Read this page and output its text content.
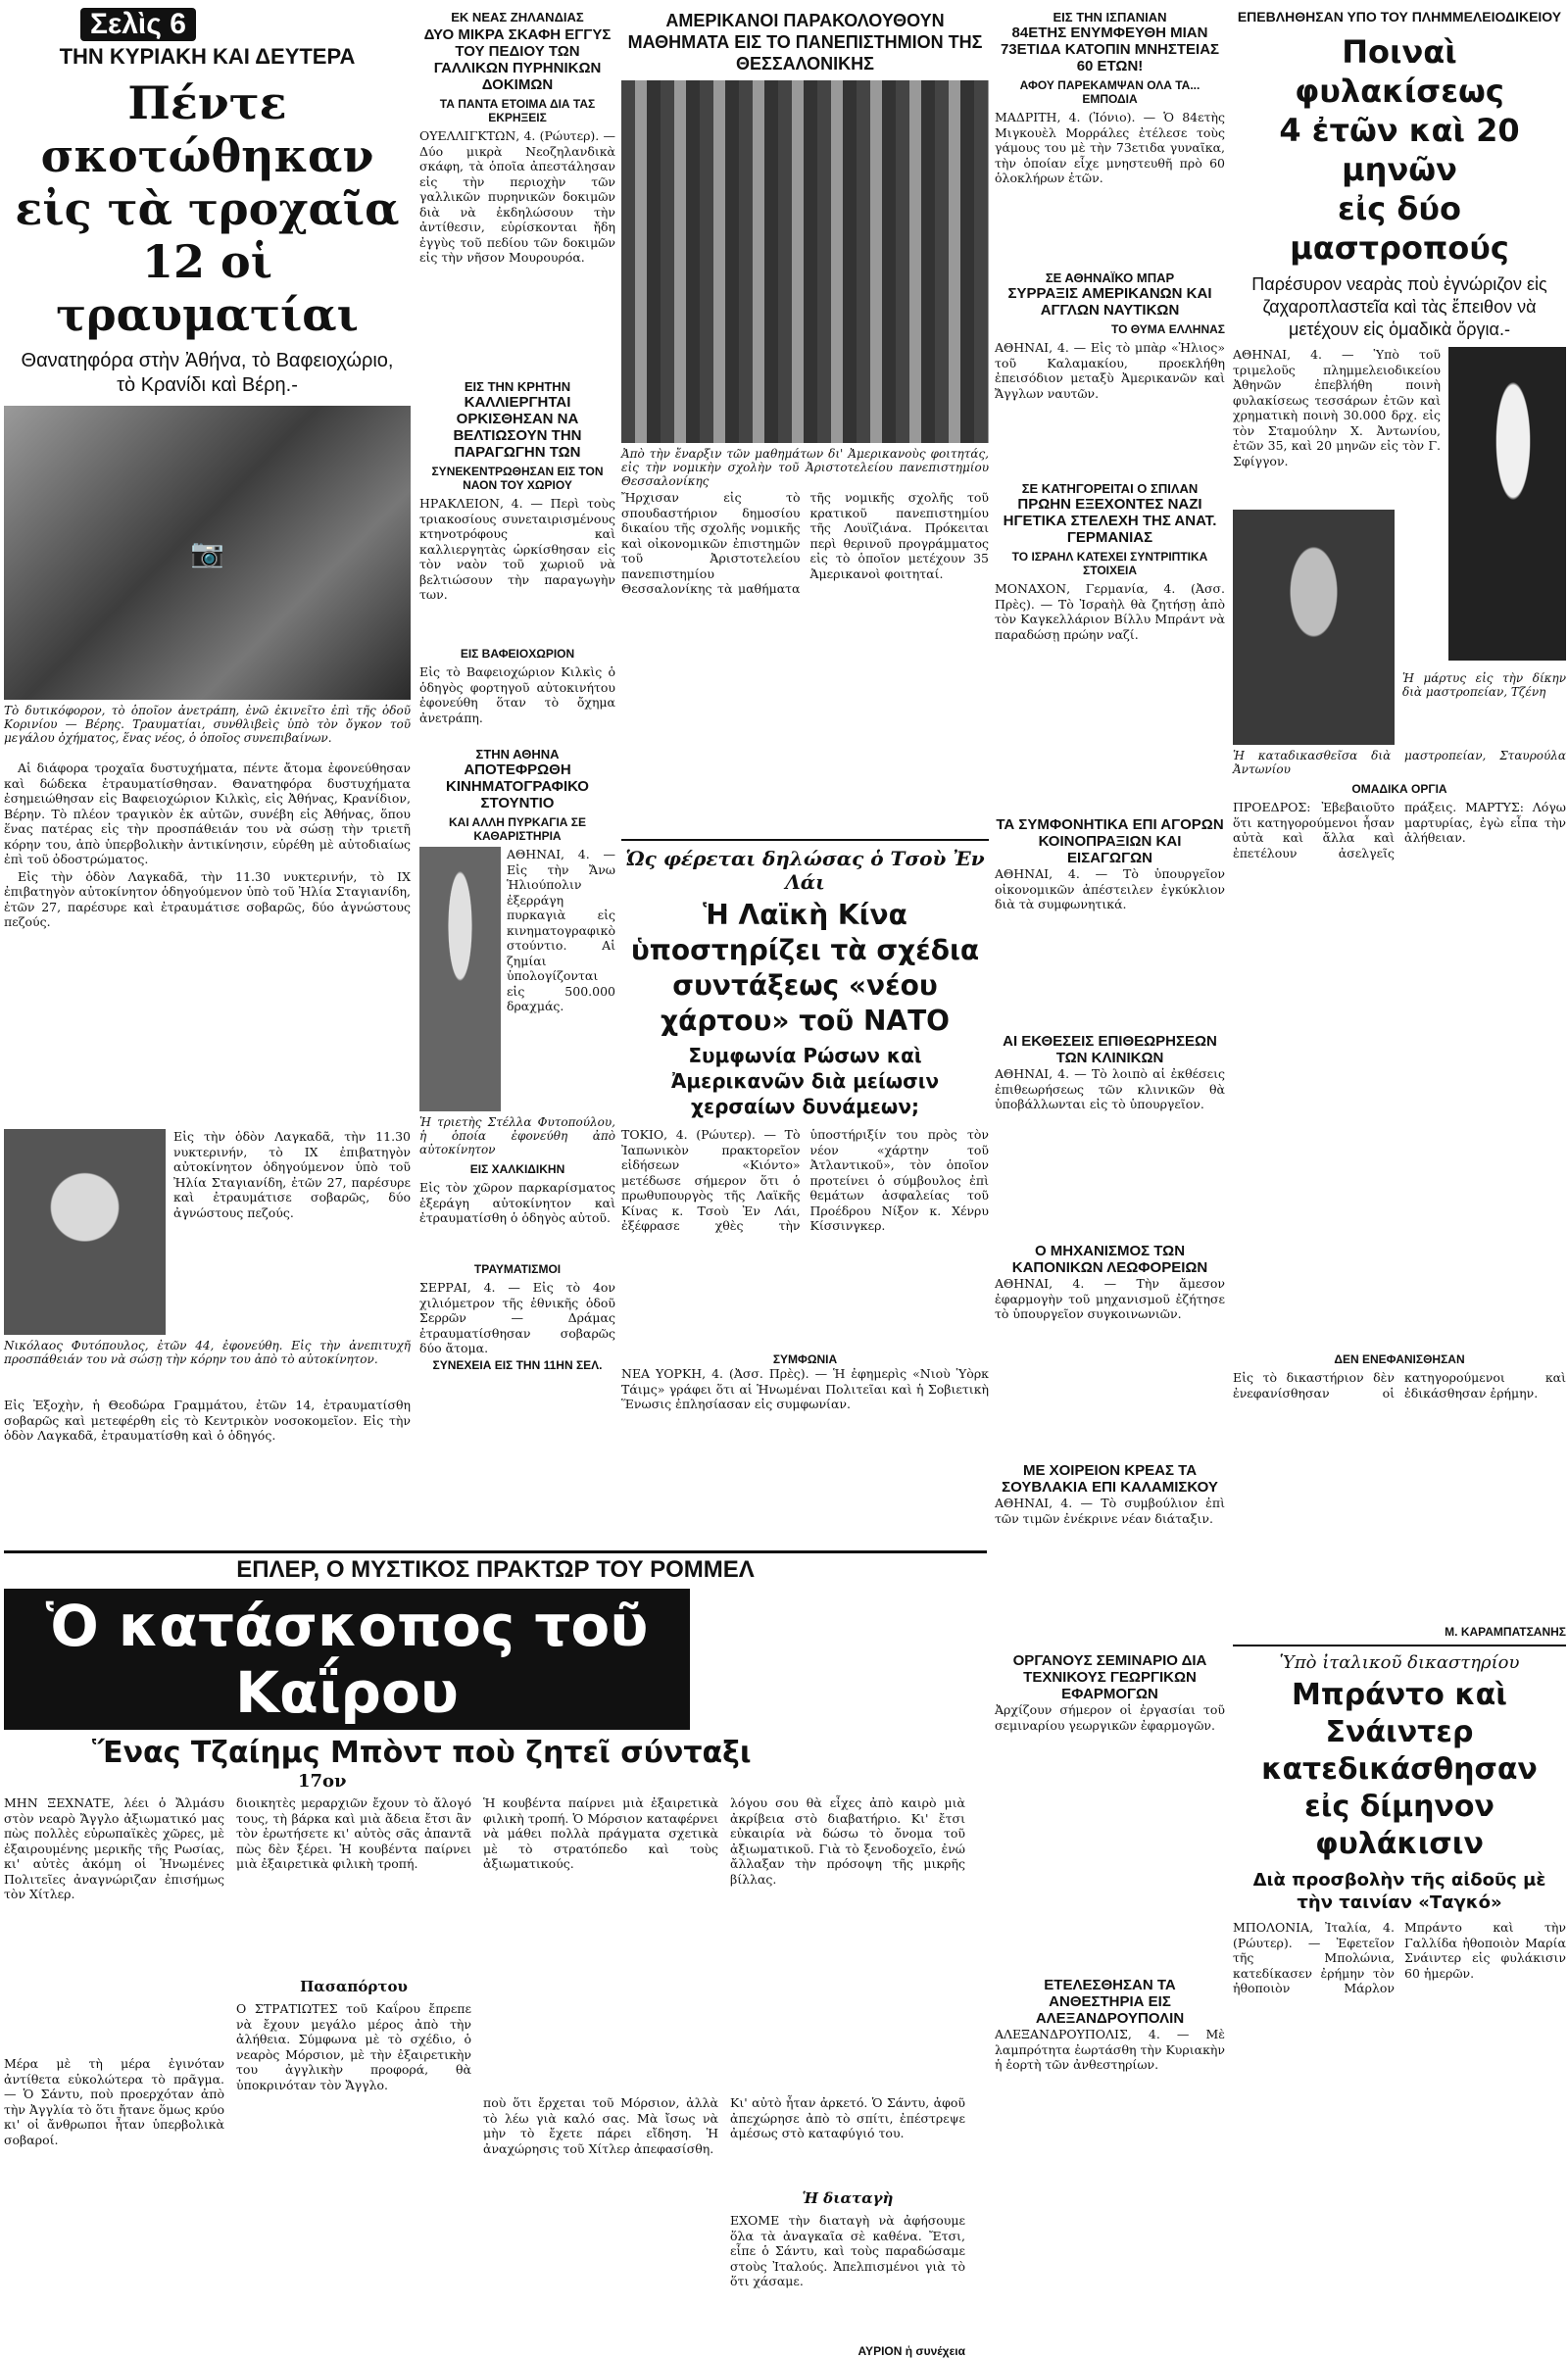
Σελὶς 6
ΤΗΝ ΚΥΡΙΑΚΗ ΚΑΙ ΔΕΥΤΕΡΑ
Πέντε σκοτώθηκαν
εἰς τὰ τροχαῖα
12 οἱ τραυματίαι
Θανατηφόρα στὴν Ἀθήνα, τὸ Βαφειοχώριο, τὸ Κρανίδι καὶ Βέρη.-
📷
Τὸ δυτικόφορον, τὸ ὁποῖον ἀνετράπη, ἐνῶ ἐκινεῖτο ἐπὶ τῆς ὁδοῦ Κορινίου — Βέρης. Τραυματίαι, συνθλιβεὶς ὑπὸ τὸν ὄγκον τοῦ μεγάλου ὀχήματος, ἕνας νέος, ὁ ὁποῖος συνεπιβαίνων.

Αἱ διάφορα τροχαῖα δυστυχήματα, πέντε ἄτομα ἐφονεύθησαν καὶ δώδεκα ἐτραυματίσθησαν. Θανατηφόρα δυστυχήματα ἐσημειώθησαν εἰς Βαφειοχώριον Κιλκὶς, εἰς Ἀθήνας, Κρανίδιον, Βέρην. Τὸ πλέον τραγικὸν ἐκ αὐτῶν, συνέβη εἰς Ἀθήνας, ὅπου ἕνας πατέρας εἰς τὴν προσπάθειάν του νὰ σώσῃ τὴν τριετῆ κόρην του, ἀπὸ ὑπερβολικὴν ἀντικίνησιν, εὑρέθη μὲ αὐτοδιαίως ἐπὶ τοῦ ὀδοστρώματος.

Εἰς τὴν ὁδὸν Λαγκαδᾶ, τὴν 11.30 νυκτερινήν, τὸ ΙΧ ἐπιβατηγὸν αὐτοκίνητον ὁδηγούμενον ὑπὸ τοῦ Ἠλία Σταγιανίδη, ἐτῶν 27, παρέσυρε καὶ ἐτραυμάτισε σοβαρῶς, δύο ἀγνώστους πεζούς.

Εἰς τὴν ὁδὸν Λαγκαδᾶ, τὴν 11.30 νυκτερινήν, τὸ ΙΧ ἐπιβατηγὸν αὐτοκίνητον ὁδηγούμενον ὑπὸ τοῦ Ἠλία Σταγιανίδη, ἐτῶν 27, παρέσυρε καὶ ἐτραυμάτισε σοβαρῶς, δύο ἀγνώστους πεζούς.
Νικόλαος Φυτόπουλος, ἐτῶν 44, ἐφονεύθη. Εἰς τὴν ἀνεπιτυχῆ προσπάθειάν του νὰ σώσῃ τὴν κόρην του ἀπὸ τὸ αὐτοκίνητον.
Εἰς Ἐξοχὴν, ἡ Θεοδώρα Γραμμάτου, ἐτῶν 14, ἐτραυματίσθη σοβαρῶς καὶ μετεφέρθη εἰς τὸ Κεντρικὸν νοσοκομεῖον. Εἰς τὴν ὁδὸν Λαγκαδᾶ, ἐτραυματίσθη καὶ ὁ ὁδηγός.
ΕΚ ΝΕΑΣ ΖΗΛΑΝΔΙΑΣ
ΔΥΟ ΜΙΚΡΑ ΣΚΑΦΗ ΕΓΓΥΣ ΤΟΥ ΠΕΔΙΟΥ ΤΩΝ ΓΑΛΛΙΚΩΝ ΠΥΡΗΝΙΚΩΝ ΔΟΚΙΜΩΝ
ΤΑ ΠΑΝΤΑ ΕΤΟΙΜΑ ΔΙΑ ΤΑΣ ΕΚΡΗΞΕΙΣ
ΟΥΕΛΛΙΓΚΤΩΝ, 4. (Ρώυτερ). — Δύο μικρὰ Νεοζηλανδικὰ σκάφη, τὰ ὁποῖα ἀπεστάλησαν εἰς τὴν περιοχὴν τῶν γαλλικῶν πυρηνικῶν δοκιμῶν διὰ νὰ ἐκδηλώσουν τὴν ἀντίθεσιν, εὑρίσκονται ἤδη ἐγγὺς τοῦ πεδίου τῶν δοκιμῶν εἰς τὴν νῆσον Μουρουρόα.
ΕΙΣ ΤΗΝ ΚΡΗΤΗΝ
ΚΑΛΛΙΕΡΓΗΤΑΙ ΟΡΚΙΣΘΗΣΑΝ ΝΑ ΒΕΛΤΙΩΣΟΥΝ ΤΗΝ ΠΑΡΑΓΩΓΗΝ ΤΩΝ
ΣΥΝΕΚΕΝΤΡΩΘΗΣΑΝ ΕΙΣ ΤΟΝ ΝΑΟΝ ΤΟΥ ΧΩΡΙΟΥ
ΗΡΑΚΛΕΙΟΝ, 4. — Περὶ τοὺς τριακοσίους συνεταιρισμένους κτηνοτρόφους καὶ καλλιεργητὰς ὡρκίσθησαν εἰς τὸν ναὸν τοῦ χωριοῦ νὰ βελτιώσουν τὴν παραγωγὴν των.
ΕΙΣ ΒΑΦΕΙΟΧΩΡΙΟΝ
Εἰς τὸ Βαφειοχώριον Κιλκὶς ὁ ὁδηγὸς φορτηγοῦ αὐτοκινήτου ἐφονεύθη ὅταν τὸ ὄχημα ἀνετράπη.
ΣΤΗΝ ΑΘΗΝΑ
ΑΠΟΤΕΦΡΩΘΗ ΚΙΝΗΜΑΤΟΓΡΑΦΙΚΟ ΣΤΟΥΝΤΙΟ
ΚΑΙ ΑΛΛΗ ΠΥΡΚΑΓΙΑ ΣΕ ΚΑΘΑΡΙΣΤΗΡΙΑ
ΑΘΗΝΑΙ, 4. — Εἰς τὴν Ἄνω Ἡλιούπολιν ἐξερράγη πυρκαγιὰ εἰς κινηματογραφικὸ στούντιο. Αἱ ζημίαι ὑπολογίζονται εἰς 500.000 δραχμάς.
Ἡ τριετὴς Στέλλα Φυτοπούλου, ἡ ὁποία ἐφονεύθη ἀπὸ αὐτοκίνητον
ΕΙΣ ΧΑΛΚΙΔΙΚΗΝ
Εἰς τὸν χῶρον παρκαρίσματος ἐξεράγη αὐτοκίνητον καὶ ἐτραυματίσθη ὁ ὁδηγὸς αὐτοῦ.
ΤΡΑΥΜΑΤΙΣΜΟΙ
ΣΕΡΡΑΙ, 4. — Εἰς τὸ 4ον χιλιόμετρον τῆς ἐθνικῆς ὁδοῦ Σερρῶν — Δράμας ἐτραυματίσθησαν σοβαρῶς δύο ἄτομα.
ΣΥΝΕΧΕΙΑ ΕΙΣ ΤΗΝ 11ΗΝ ΣΕΛ.
ΑΜΕΡΙΚΑΝΟΙ ΠΑΡΑΚΟΛΟΥΘΟΥΝ ΜΑΘΗΜΑΤΑ ΕΙΣ ΤΟ ΠΑΝΕΠΙΣΤΗΜΙΟΝ ΤΗΣ ΘΕΣΣΑΛΟΝΙΚΗΣ
Ἀπὸ τὴν ἔναρξιν τῶν μαθημάτων δι' Ἀμερικανοὺς φοιτητάς, εἰς τὴν νομικὴν σχολὴν τοῦ Ἀριστοτελείου πανεπιστημίου Θεσσαλονίκης
Ἤρχισαν εἰς τὸ σπουδαστήριον δημοσίου δικαίου τῆς σχολῆς νομικῆς καὶ οἰκονομικῶν ἐπιστημῶν τοῦ Ἀριστοτελείου πανεπιστημίου Θεσσαλονίκης τὰ μαθήματα τῆς νομικῆς σχολῆς τοῦ κρατικοῦ πανεπιστημίου τῆς Λουϊζιάνα. Πρόκειται περὶ θερινοῦ προγράμματος εἰς τὸ ὁποῖον μετέχουν 35 Ἀμερικανοὶ φοιτηταί.
Ὡς φέρεται δηλώσας ὁ Τσοὺ Ἐν Λάι
Ἡ Λαϊκὴ Κίνα ὑποστηρίζει τὰ σχέδια συντάξεως «νέου χάρτου» τοῦ ΝΑΤΟ
Συμφωνία Ρώσων καὶ Ἀμερικανῶν διὰ μείωσιν χερσαίων δυνάμεων;
ΤΟΚΙΟ, 4. (Ρώυτερ). — Τὸ Ἰαπωνικὸν πρακτορεῖον εἰδήσεων «Κιόντο» μετέδωσε σήμερον ὅτι ὁ πρωθυπουργὸς τῆς Λαϊκῆς Κίνας κ. Τσοὺ Ἐν Λάι, ἐξέφρασε χθὲς τὴν ὑποστήριξίν του πρὸς τὸν νέον «χάρτην τοῦ Ἀτλαντικοῦ», τὸν ὁποῖον προτείνει ὁ σύμβουλος ἐπὶ θεμάτων ἀσφαλείας τοῦ Προέδρου Νίξον κ. Χένρυ Κίσσινγκερ.
ΣΥΜΦΩΝΙΑ
ΝΕΑ ΥΟΡΚΗ, 4. (Ἀσσ. Πρὲς). — Ἡ ἐφημερὶς «Νιοὺ Ὑὸρκ Τάιμς» γράφει ὅτι αἱ Ἡνωμέναι Πολιτεῖαι καὶ ἡ Σοβιετικὴ Ἕνωσις ἐπλησίασαν εἰς συμφωνίαν.
ΕΙΣ ΤΗΝ ΙΣΠΑΝΙΑΝ
84ΕΤΗΣ ΕΝΥΜΦΕΥΘΗ ΜΙΑΝ 73ΕΤΙΔΑ ΚΑΤΟΠΙΝ ΜΝΗΣΤΕΙΑΣ 60 ΕΤΩΝ!
ΑΦΟΥ ΠΑΡΕΚΑΜΨΑΝ ΟΛΑ ΤΑ... ΕΜΠΟΔΙΑ
ΜΑΔΡΙΤΗ, 4. (Ἰόνιο). — Ὁ 84ετὴς Μιγκουὲλ Μορράλες ἐτέλεσε τοὺς γάμους του μὲ τὴν 73ετιδα γυναῖκα, τὴν ὁποίαν εἶχε μνηστευθῆ πρὸ 60 ὁλοκλήρων ἐτῶν.
ΣΕ ΑΘΗΝΑΪΚΟ ΜΠΑΡ
ΣΥΡΡΑΞΙΣ ΑΜΕΡΙΚΑΝΩΝ ΚΑΙ ΑΓΓΛΩΝ ΝΑΥΤΙΚΩΝ
ΤΟ ΘΥΜΑ ΕΛΛΗΝΑΣ
ΑΘΗΝΑΙ, 4. — Εἰς τὸ μπὰρ «Ἡλιος» τοῦ Καλαμακίου, προεκλήθη ἐπεισόδιον μεταξὺ Ἀμερικανῶν καὶ Ἄγγλων ναυτῶν.
ΣΕ ΚΑΤΗΓΟΡΕΙΤΑΙ Ο ΣΠΙΛΑΝ
ΠΡΩΗΝ ΕΞΕΧΟΝΤΕΣ ΝΑΖΙ ΗΓΕΤΙΚΑ ΣΤΕΛΕΧΗ ΤΗΣ ΑΝΑΤ. ΓΕΡΜΑΝΙΑΣ
ΤΟ ΙΣΡΑΗΛ ΚΑΤΕΧΕΙ ΣΥΝΤΡΙΠΤΙΚΑ ΣΤΟΙΧΕΙΑ
ΜΟΝΑΧΟΝ, Γερμανία, 4. (Ἀσσ. Πρὲς). — Τὸ Ἰσραὴλ θὰ ζητήσῃ ἀπὸ τὸν Καγκελλάριον Βίλλυ Μπράντ νὰ παραδώσῃ πρώην ναζί.
ΤΑ ΣΥΜΦΟΝΗΤΙΚΑ ΕΠΙ ΑΓΟΡΩΝ ΚΟΙΝΟΠΡΑΞΙΩΝ ΚΑΙ ΕΙΣΑΓΩΓΩΝ
ΑΘΗΝΑΙ, 4. — Τὸ ὑπουργεῖον οἰκονομικῶν ἀπέστειλεν ἐγκύκλιον διὰ τὰ συμφωνητικά.
ΑΙ ΕΚΘΕΣΕΙΣ ΕΠΙΘΕΩΡΗΣΕΩΝ ΤΩΝ ΚΛΙΝΙΚΩΝ
ΑΘΗΝΑΙ, 4. — Τὸ λοιπὸ αἱ ἐκθέσεις ἐπιθεωρήσεως τῶν κλινικῶν θὰ ὑποβάλλωνται εἰς τὸ ὑπουργεῖον.
Ο ΜΗΧΑΝΙΣΜΟΣ ΤΩΝ ΚΑΠΟΝΙΚΩΝ ΛΕΩΦΟΡΕΙΩΝ
ΑΘΗΝΑΙ, 4. — Τὴν ἄμεσον ἐφαρμογὴν τοῦ μηχανισμοῦ ἐζήτησε τὸ ὑπουργεῖον συγκοινωνιῶν.
ΜΕ ΧΟΙΡΕΙΟΝ ΚΡΕΑΣ ΤΑ ΣΟΥΒΛΑΚΙΑ ΕΠΙ ΚΑΛΑΜΙΣΚΟΥ
ΑΘΗΝΑΙ, 4. — Τὸ συμβούλιον ἐπὶ τῶν τιμῶν ἐνέκρινε νέαν διάταξιν.
ΟΡΓΑΝΟΥΣ ΣΕΜΙΝΑΡΙΟ ΔΙΑ ΤΕΧΝΙΚΟΥΣ ΓΕΩΡΓΙΚΩΝ ΕΦΑΡΜΟΓΩΝ
Ἀρχίζουν σήμερον οἱ ἐργασίαι τοῦ σεμιναρίου γεωργικῶν ἐφαρμογῶν.
ΕΤΕΛΕΣΘΗΣΑΝ ΤΑ ΑΝΘΕΣΤΗΡΙΑ ΕΙΣ ΑΛΕΞΑΝΔΡΟΥΠΟΛΙΝ
ΑΛΕΞΑΝΔΡΟΥΠΟΛΙΣ, 4. — Μὲ λαμπρότητα ἐωρτάσθη τὴν Κυριακὴν ἡ ἑορτὴ τῶν ἀνθεστηρίων.
ΕΠΕΒΛΗΘΗΣΑΝ ΥΠΟ ΤΟΥ ΠΛΗΜΜΕΛΕΙΟΔΙΚΕΙΟΥ
Ποιναὶ φυλακίσεως
4 ἐτῶν καὶ 20 μηνῶν
εἰς δύο μαστροπούς
Παρέσυρον νεαρὰς ποὺ ἐγνώριζον εἰς ζαχαροπλαστεῖα καὶ τὰς ἔπειθον νὰ μετέχουν εἰς ὁμαδικὰ ὄργια.-
ΑΘΗΝΑΙ, 4. — Ὑπὸ τοῦ τριμελοῦς πλημμελειοδικείου Ἀθηνῶν ἐπεβλήθη ποινὴ φυλακίσεως τεσσάρων ἐτῶν καὶ χρηματικὴ ποινὴ 30.000 δρχ. εἰς τὸν Σταμούλην Χ. Ἀντωνίου, ἐτῶν 35, καὶ 20 μηνῶν εἰς τὸν Γ. Σφίγγον.
Ἡ μάρτυς εἰς τὴν δίκην διὰ μαστροπείαν, Τζένη
Ἡ καταδικασθεῖσα διὰ μαστροπείαν, Σταυρούλα Ἀντωνίου
ΟΜΑΔΙΚΑ ΟΡΓΙΑ
ΠΡΟΕΔΡΟΣ: Ἐβεβαιοῦτο ὅτι κατηγορούμενοι ἦσαν αὐτὰ καὶ ἄλλα καὶ ἐπετέλουν ἀσελγεῖς πράξεις. ΜΑΡΤΥΣ: Λόγω μαρτυρίας, ἐγὼ εἶπα τὴν ἀλήθειαν.
ΔΕΝ ΕΝΕΦΑΝΙΣΘΗΣΑΝ
Εἰς τὸ δικαστήριον δὲν ἐνεφανίσθησαν οἱ κατηγορούμενοι καὶ ἐδικάσθησαν ἐρήμην.
Μ. ΚΑΡΑΜΠΑΤΣΑΝΗΣ
Ὑπὸ ἰταλικοῦ δικαστηρίου
Μπράντο καὶ Σνάιντερ
κατεδικάσθησαν
εἰς δίμηνον φυλάκισιν
Διὰ προσβολὴν τῆς αἰδοῦς μὲ τὴν ταινίαν «Ταγκό»
ΜΠΟΛΟΝΙΑ, Ἰταλία, 4. (Ρώυτερ). — Ἐφετεῖον τῆς Μπολώνια, κατεδίκασεν ἐρήμην τὸν ἠθοποιὸν Μάρλον Μπράντο καὶ τὴν Γαλλίδα ἠθοποιὸν Μαρία Σνάιντερ εἰς φυλάκισιν 60 ἡμερῶν.
ΕΠΛΕΡ, Ο ΜΥΣΤΙΚΟΣ ΠΡΑΚΤΩΡ ΤΟΥ ΡΟΜΜΕΛ
Ὁ κατάσκοπος τοῦ Καΐρου
Ἕνας Τζαίημς Μπὸντ ποὺ ζητεῖ σύνταξι
17ον
ΜΗΝ ΞΕΧΝΑΤΕ, λέει ὁ Ἄλμάσυ στὸν νεαρὸ Ἄγγλο ἀξιωματικό μας πὼς πολλὲς εὐρωπαϊκὲς χῶρες, μὲ ἐξαιρουμένης μερικῆς τῆς Ρωσίας, κι' αὐτὲς ἀκόμη οἱ Ἡνωμένες Πολιτεῖες ἀναγνώριζαν ἐπισήμως τὸν Χίτλερ.
Μέρα μὲ τὴ μέρα ἐγινόταν ἀντίθετα εὐκολώτερα τὸ πρᾶγμα. — Ὁ Σάντυ, ποὺ προερχόταν ἀπὸ τὴν Ἀγγλία τὸ ὅτι ἤτανε ὅμως κρύο κι' οἱ ἄνθρωποι ἦταν ὑπερβολικὰ σοβαροί.
διοικητὲς μεραρχιῶν ἔχουν τὸ ἄλογό τους, τὴ βάρκα καὶ μιὰ ἄδεια ἔτσι ἂν τὸν ἐρωτήσετε κι' αὐτὸς σᾶς ἀπαντᾶ πὼς δὲν ξέρει. Ἡ κουβέντα παίρνει μιὰ ἐξαιρετικὰ φιλικὴ τροπή.
Πασαπόρτου
Ο ΣΤΡΑΤΙΩΤΕΣ τοῦ Καΐρου ἔπρεπε νὰ ἔχουν μεγάλο μέρος ἀπὸ τὴν ἀλήθεια. Σύμφωνα μὲ τὸ σχέδιο, ὁ νεαρὸς Μόρσιον, μὲ τὴν ἐξαιρετικὴν του ἀγγλικὴν προφορά, θὰ ὑποκρινόταν τὸν Ἄγγλο.
Ἡ κουβέντα παίρνει μιὰ ἐξαιρετικὰ φιλικὴ τροπή. Ὁ Μόρσιον καταφέρνει νὰ μάθει πολλὰ πράγματα σχετικὰ μὲ τὸ στρατόπεδο καὶ τοὺς ἀξιωματικούς.
ποὺ ὅτι ἔρχεται τοῦ Μόρσιον, ἀλλὰ τὸ λέω γιὰ καλό σας. Μὰ ἴσως νὰ μὴν τὸ ἔχετε πάρει εἴδηση. Ἡ ἀναχώρησις τοῦ Χίτλερ ἀπεφασίσθη.
λόγου σου θὰ εἶχες ἀπὸ καιρὸ μιὰ ἀκρίβεια στὸ διαβατήριο. Κι' ἔτσι εὐκαιρία νὰ δώσω τὸ ὄνομα τοῦ ἀξιωματικοῦ. Γιὰ τὸ ξενοδοχεῖο, ἐνώ ἄλλαξαν τὴν πρόσοψη τῆς μικρῆς βίλλας.
Κι' αὐτὸ ἦταν ἀρκετό. Ὁ Σάντυ, ἀφοῦ ἀπεχώρησε ἀπὸ τὸ σπίτι, ἐπέστρεψε ἀμέσως στὸ καταφύγιό του.
Ἡ διαταγὴ
ΕΧΟΜΕ τὴν διαταγὴ νὰ ἀφήσουμε ὅλα τὰ ἀναγκαῖα σὲ καθένα. Ἔτσι, εἶπε ὁ Σάντυ, καὶ τοὺς παραδώσαμε στοὺς Ἰταλούς. Ἀπελπισμένοι γιὰ τὸ ὅτι χάσαμε.
ΑΥΡΙΟΝ ἡ συνέχεια
